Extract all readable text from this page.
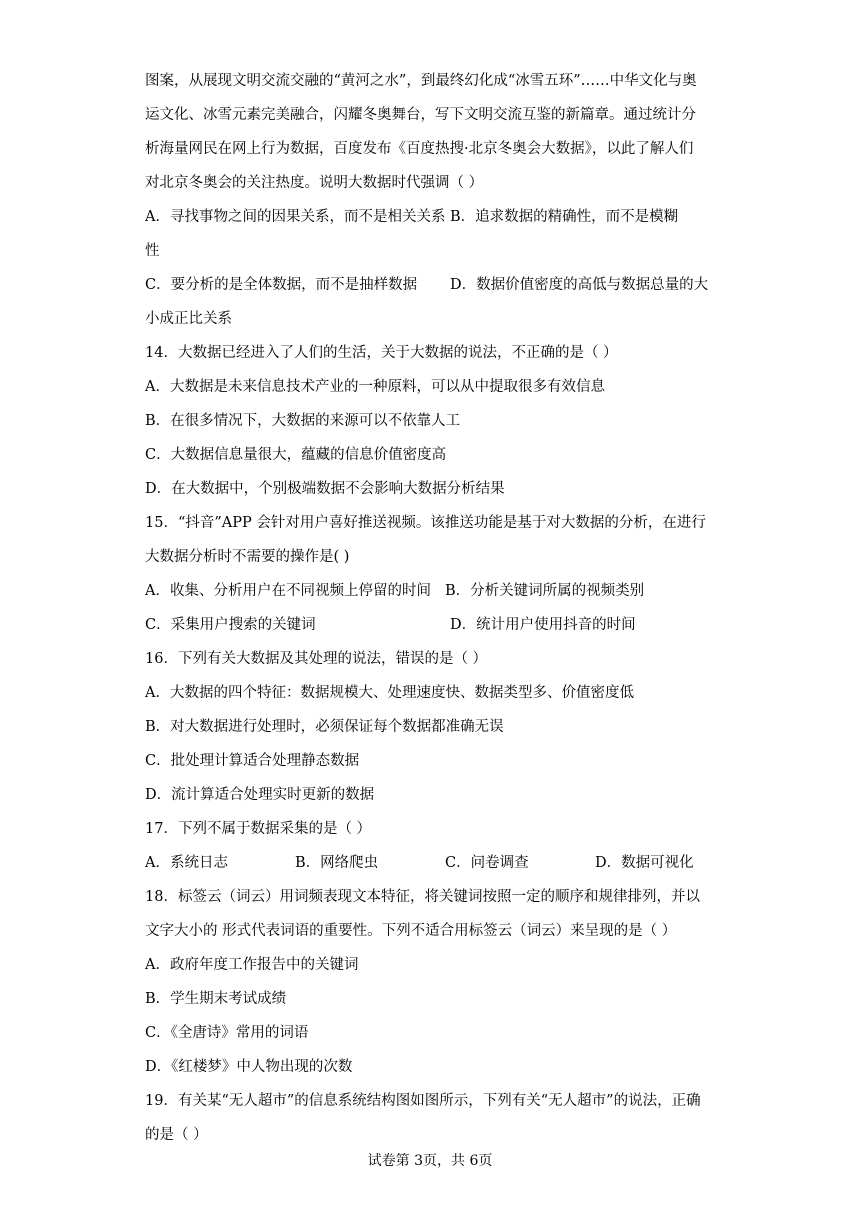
图案，从展现文明交流交融的“黄河之水”，到最终幻化成“冰雪五环”……中华文化与奥
运文化、冰雪元素完美融合，闪耀冬奥舞台，写下文明交流互鉴的新篇章。通过统计分
析海量网民在网上行为数据，百度发布《百度热搜·北京冬奥会大数据》，以此了解人们
对北京冬奥会的关注热度。说明大数据时代强调（ ）
A．寻找事物之间的因果关系，而不是相关关系 B．追求数据的精确性，而不是模糊
性
C．要分析的是全体数据，而不是抽样数据	D．数据价值密度的高低与数据总量的大
小成正比关系
14．大数据已经进入了人们的生活，关于大数据的说法，不正确的是（ ）
A．大数据是未来信息技术产业的一种原料，可以从中提取很多有效信息
B．在很多情况下，大数据的来源可以不依靠人工
C．大数据信息量很大，蕴藏的信息价值密度高
D．在大数据中，个别极端数据不会影响大数据分析结果
15．“抖音”APP 会针对用户喜好推送视频。该推送功能是基于对大数据的分析，在进行
大数据分析时不需要的操作是( )
A．收集、分析用户在不同视频上停留的时间 B．分析关键词所属的视频类别
C．采集用户搜索的关键词	D．统计用户使用抖音的时间
16．下列有关大数据及其处理的说法，错误的是（ ）
A．大数据的四个特征：数据规模大、处理速度快、数据类型多、价值密度低
B．对大数据进行处理时，必须保证每个数据都准确无误
C．批处理计算适合处理静态数据
D．流计算适合处理实时更新的数据
17．下列不属于数据采集的是（ ）
A．系统日志	B．网络爬虫	C．问卷调查	D．数据可视化
18．标签云（词云）用词频表现文本特征，将关键词按照一定的顺序和规律排列，并以
文字大小的 形式代表词语的重要性。下列不适合用标签云（词云）来呈现的是（ ）
A．政府年度工作报告中的关键词
B．学生期末考试成绩
C．《全唐诗》常用的词语
D．《红楼梦》中人物出现的次数
19．有关某“无人超市”的信息系统结构图如图所示，下列有关“无人超市”的说法，正确
的是（ ）
试卷第 3页，共 6页
